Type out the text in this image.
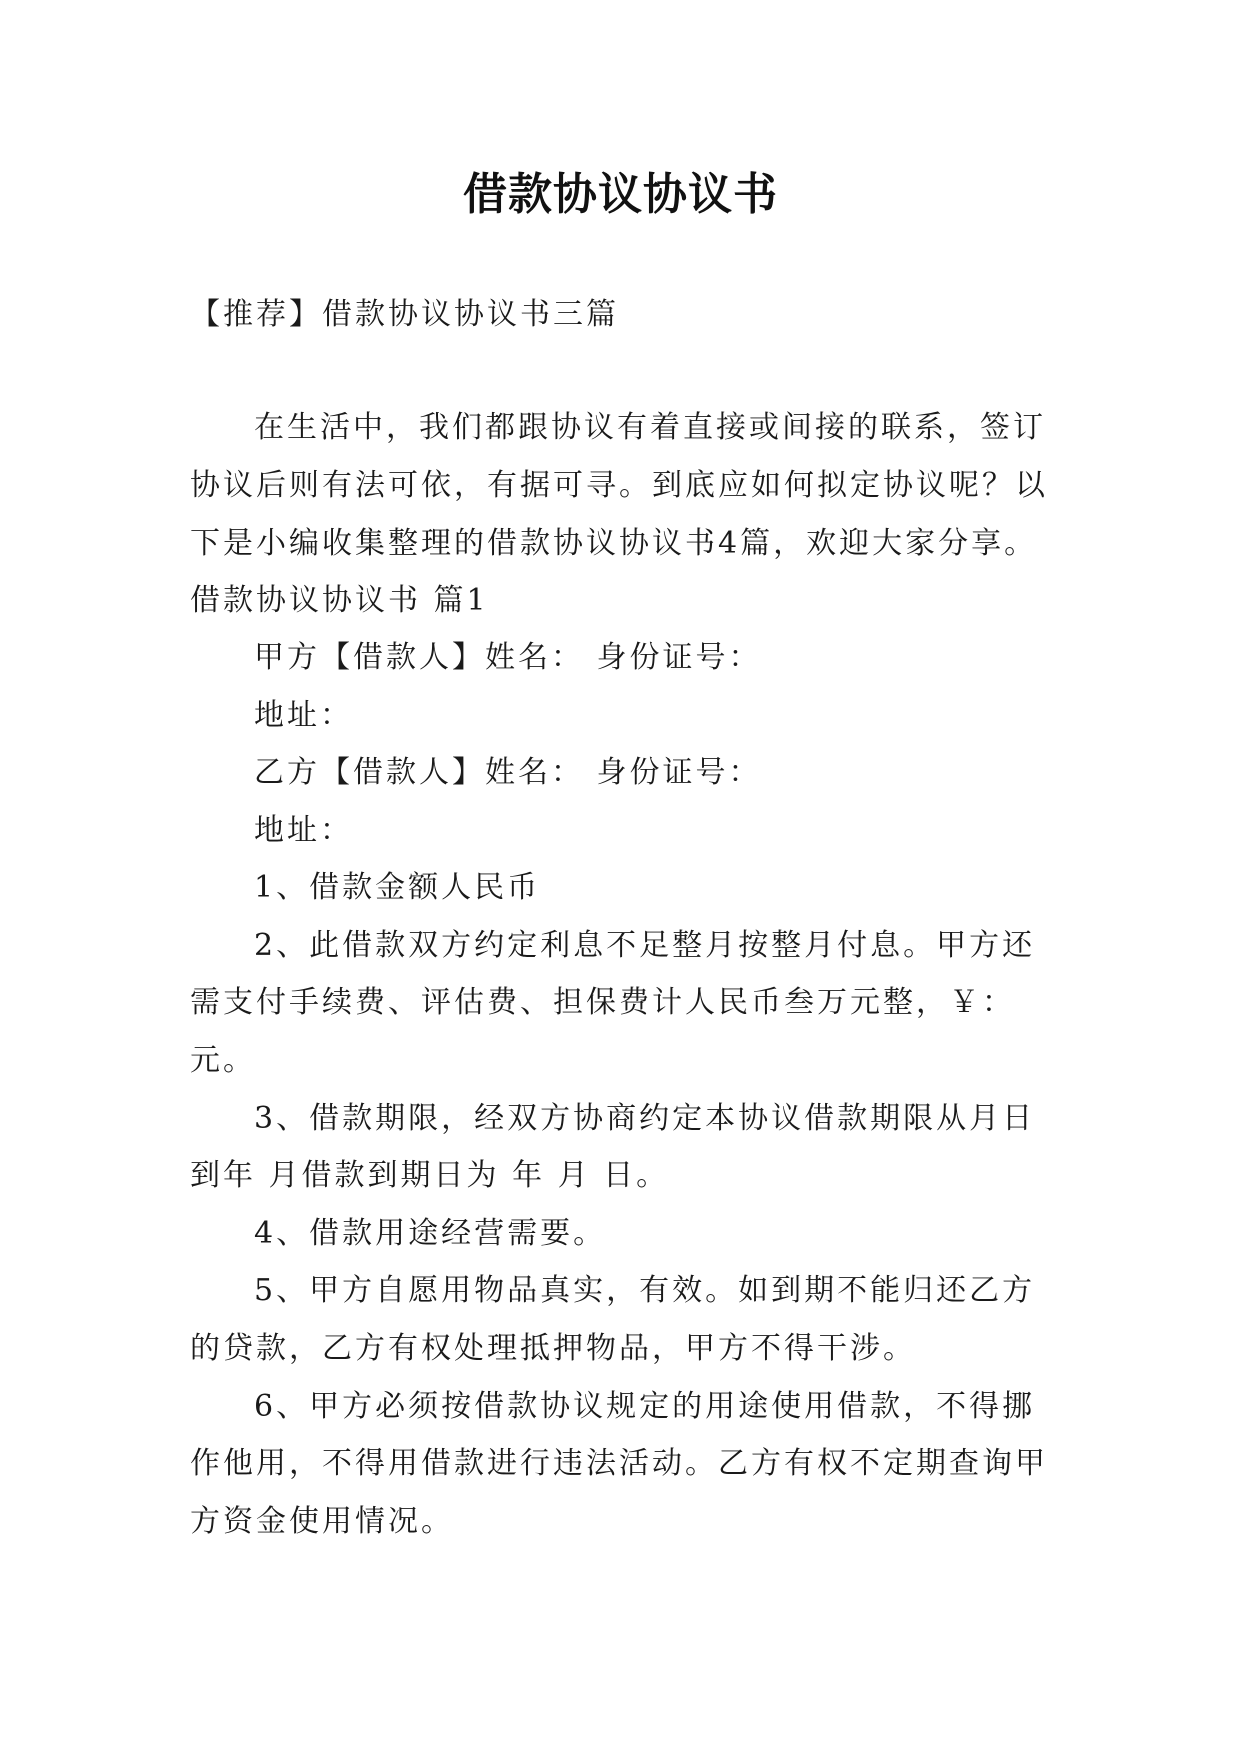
借款协议协议书
【推荐】借款协议协议书三篇
在生活中，我们都跟协议有着直接或间接的联系，签订
协议后则有法可依，有据可寻。到底应如何拟定协议呢？以
下是小编收集整理的借款协议协议书4篇，欢迎大家分享。
借款协议协议书 篇1
甲方【借款人】姓名： 身份证号：
地址：
乙方【借款人】姓名： 身份证号：
地址：
1、借款金额人民币
2、此借款双方约定利息不足整月按整月付息。甲方还
需支付手续费、评估费、担保费计人民币叁万元整，￥：
元。
3、借款期限，经双方协商约定本协议借款期限从月日
到年 月借款到期日为 年 月 日。
4、借款用途经营需要。
5、甲方自愿用物品真实，有效。如到期不能归还乙方
的贷款，乙方有权处理抵押物品，甲方不得干涉。
6、甲方必须按借款协议规定的用途使用借款，不得挪
作他用，不得用借款进行违法活动。乙方有权不定期查询甲
方资金使用情况。
